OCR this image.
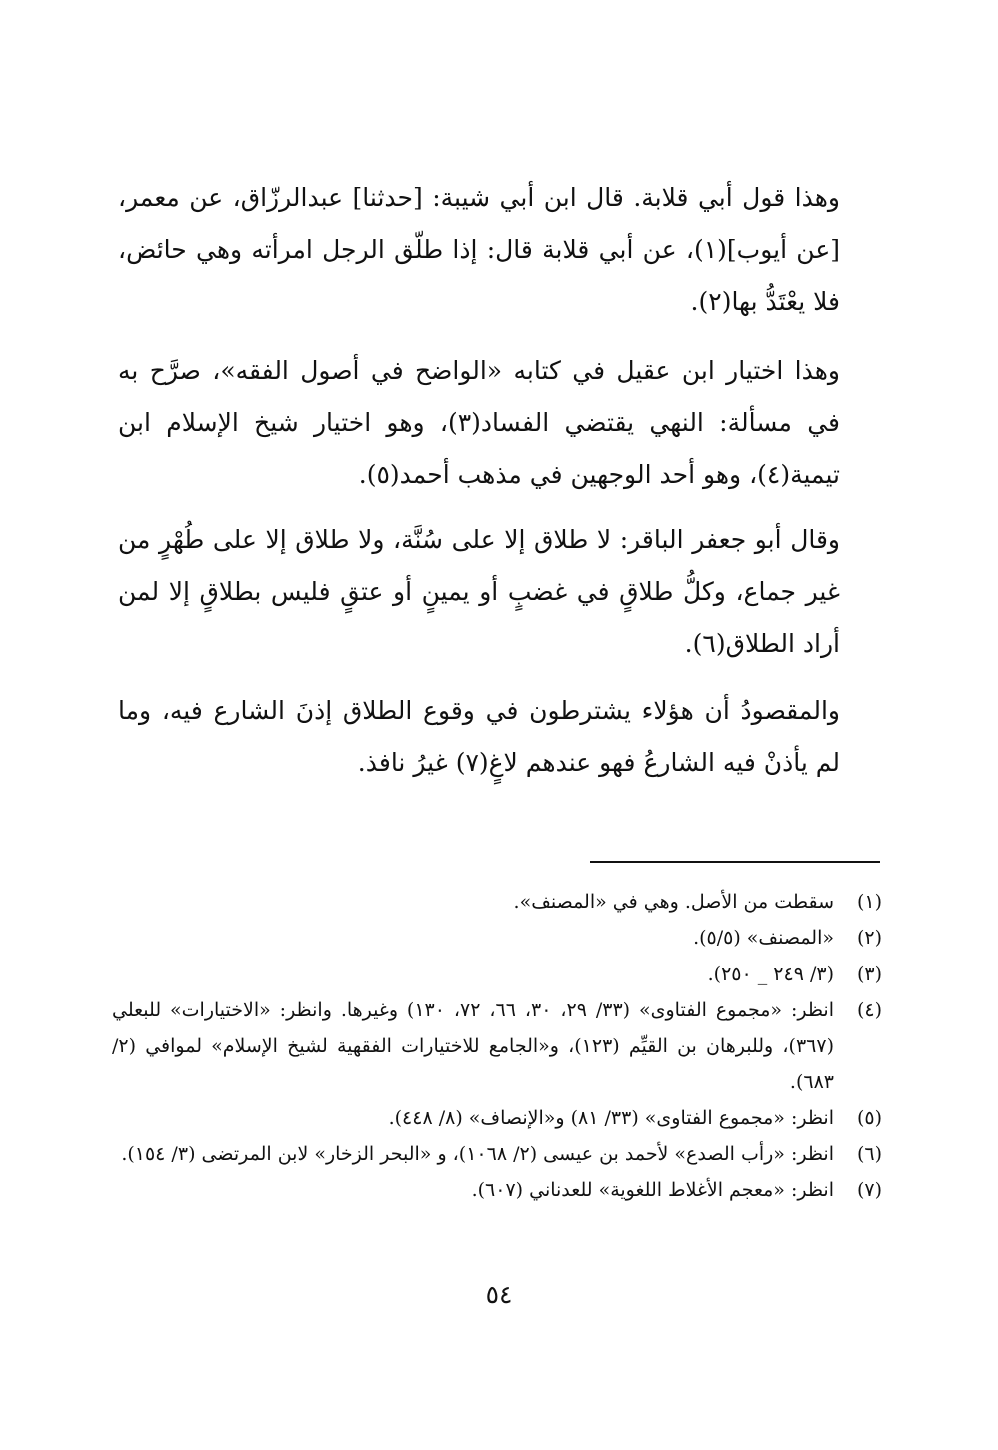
وهذا قول أبي قلابة. قال ابن أبي شيبة: [حدثنا] عبدالرزّاق، عن معمر، [عن أيوب](١)، عن أبي قلابة قال: إذا طلّق الرجل امرأته وهي حائض، فلا يعْتَدُّ بها(٢).

وهذا اختيار ابن عقيل في كتابه «الواضح في أصول الفقه»، صرَّح به في مسألة: النهي يقتضي الفساد(٣)، وهو اختيار شيخ الإسلام ابن تيمية(٤)، وهو أحد الوجهين في مذهب أحمد(٥).

وقال أبو جعفر الباقر: لا طلاق إلا على سُنَّة، ولا طلاق إلا على طُهْرٍ من غير جماع، وكلُّ طلاقٍ في غضبٍ أو يمينٍ أو عتقٍ فليس بطلاقٍ إلا لمن أراد الطلاق(٦).

والمقصودُ أن هؤلاء يشترطون في وقوع الطلاق إذنَ الشارع فيه، وما لم يأذنْ فيه الشارعُ فهو عندهم لاغٍ(٧) غيرُ نافذ.

(١)
سقطت من الأصل. وهي في «المصنف».
(٢)
«المصنف» (٥/٥).
(٣)
(٣/ ٢٤٩ _ ٢٥٠).
(٤)
انظر: «مجموع الفتاوى» (٣٣/ ٢٩، ٣٠، ٦٦، ٧٢، ١٣٠) وغيرها. وانظر: «الاختيارات» للبعلي (٣٦٧)، وللبرهان بن القيِّم (١٢٣)، و«الجامع للاختيارات الفقهية لشيخ الإسلام» لموافي (٢/ ٦٨٣).
(٥)
انظر: «مجموع الفتاوى» (٣٣/ ٨١) و«الإنصاف» (٨/ ٤٤٨).
(٦)
انظر: «رأب الصدع» لأحمد بن عيسى (٢/ ١٠٦٨)، و «البحر الزخار» لابن المرتضى (٣/ ١٥٤).
(٧)
انظر: «معجم الأغلاط اللغوية» للعدناني (٦٠٧).
٥٤
